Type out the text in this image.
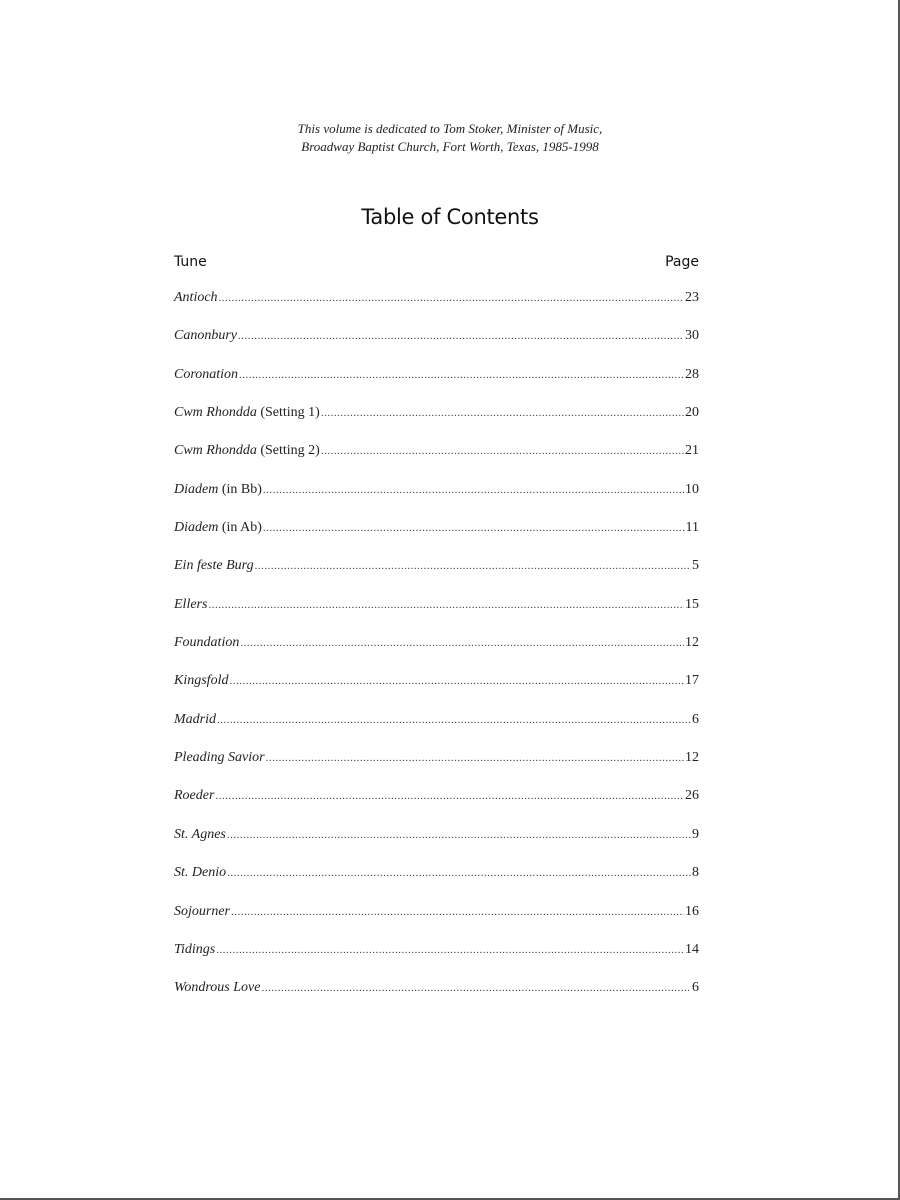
This volume is dedicated to Tom Stoker, Minister of Music,
Broadway Baptist Church, Fort Worth, Texas, 1985-1998
Table of Contents
Tune	Page
Antioch .....	23
Canonbury .....	30
Coronation .....	28
Cwm Rhondda
(Setting 1) .....	20
Cwm Rhondda
(Setting 2) .....	21
Diadem
(in Bb) .....	10
Diadem
(in Ab) .....	11
Ein feste Burg .....	5
Ellers .....	15
Foundation .....	12
Kingsfold .....	17
Madrid .....	6
Pleading Savior .....	12
Roeder .....	26
St. Agnes .....	9
St. Denio .....	8
Sojourner .....	16
Tidings .....	14
Wondrous Love .....	6
